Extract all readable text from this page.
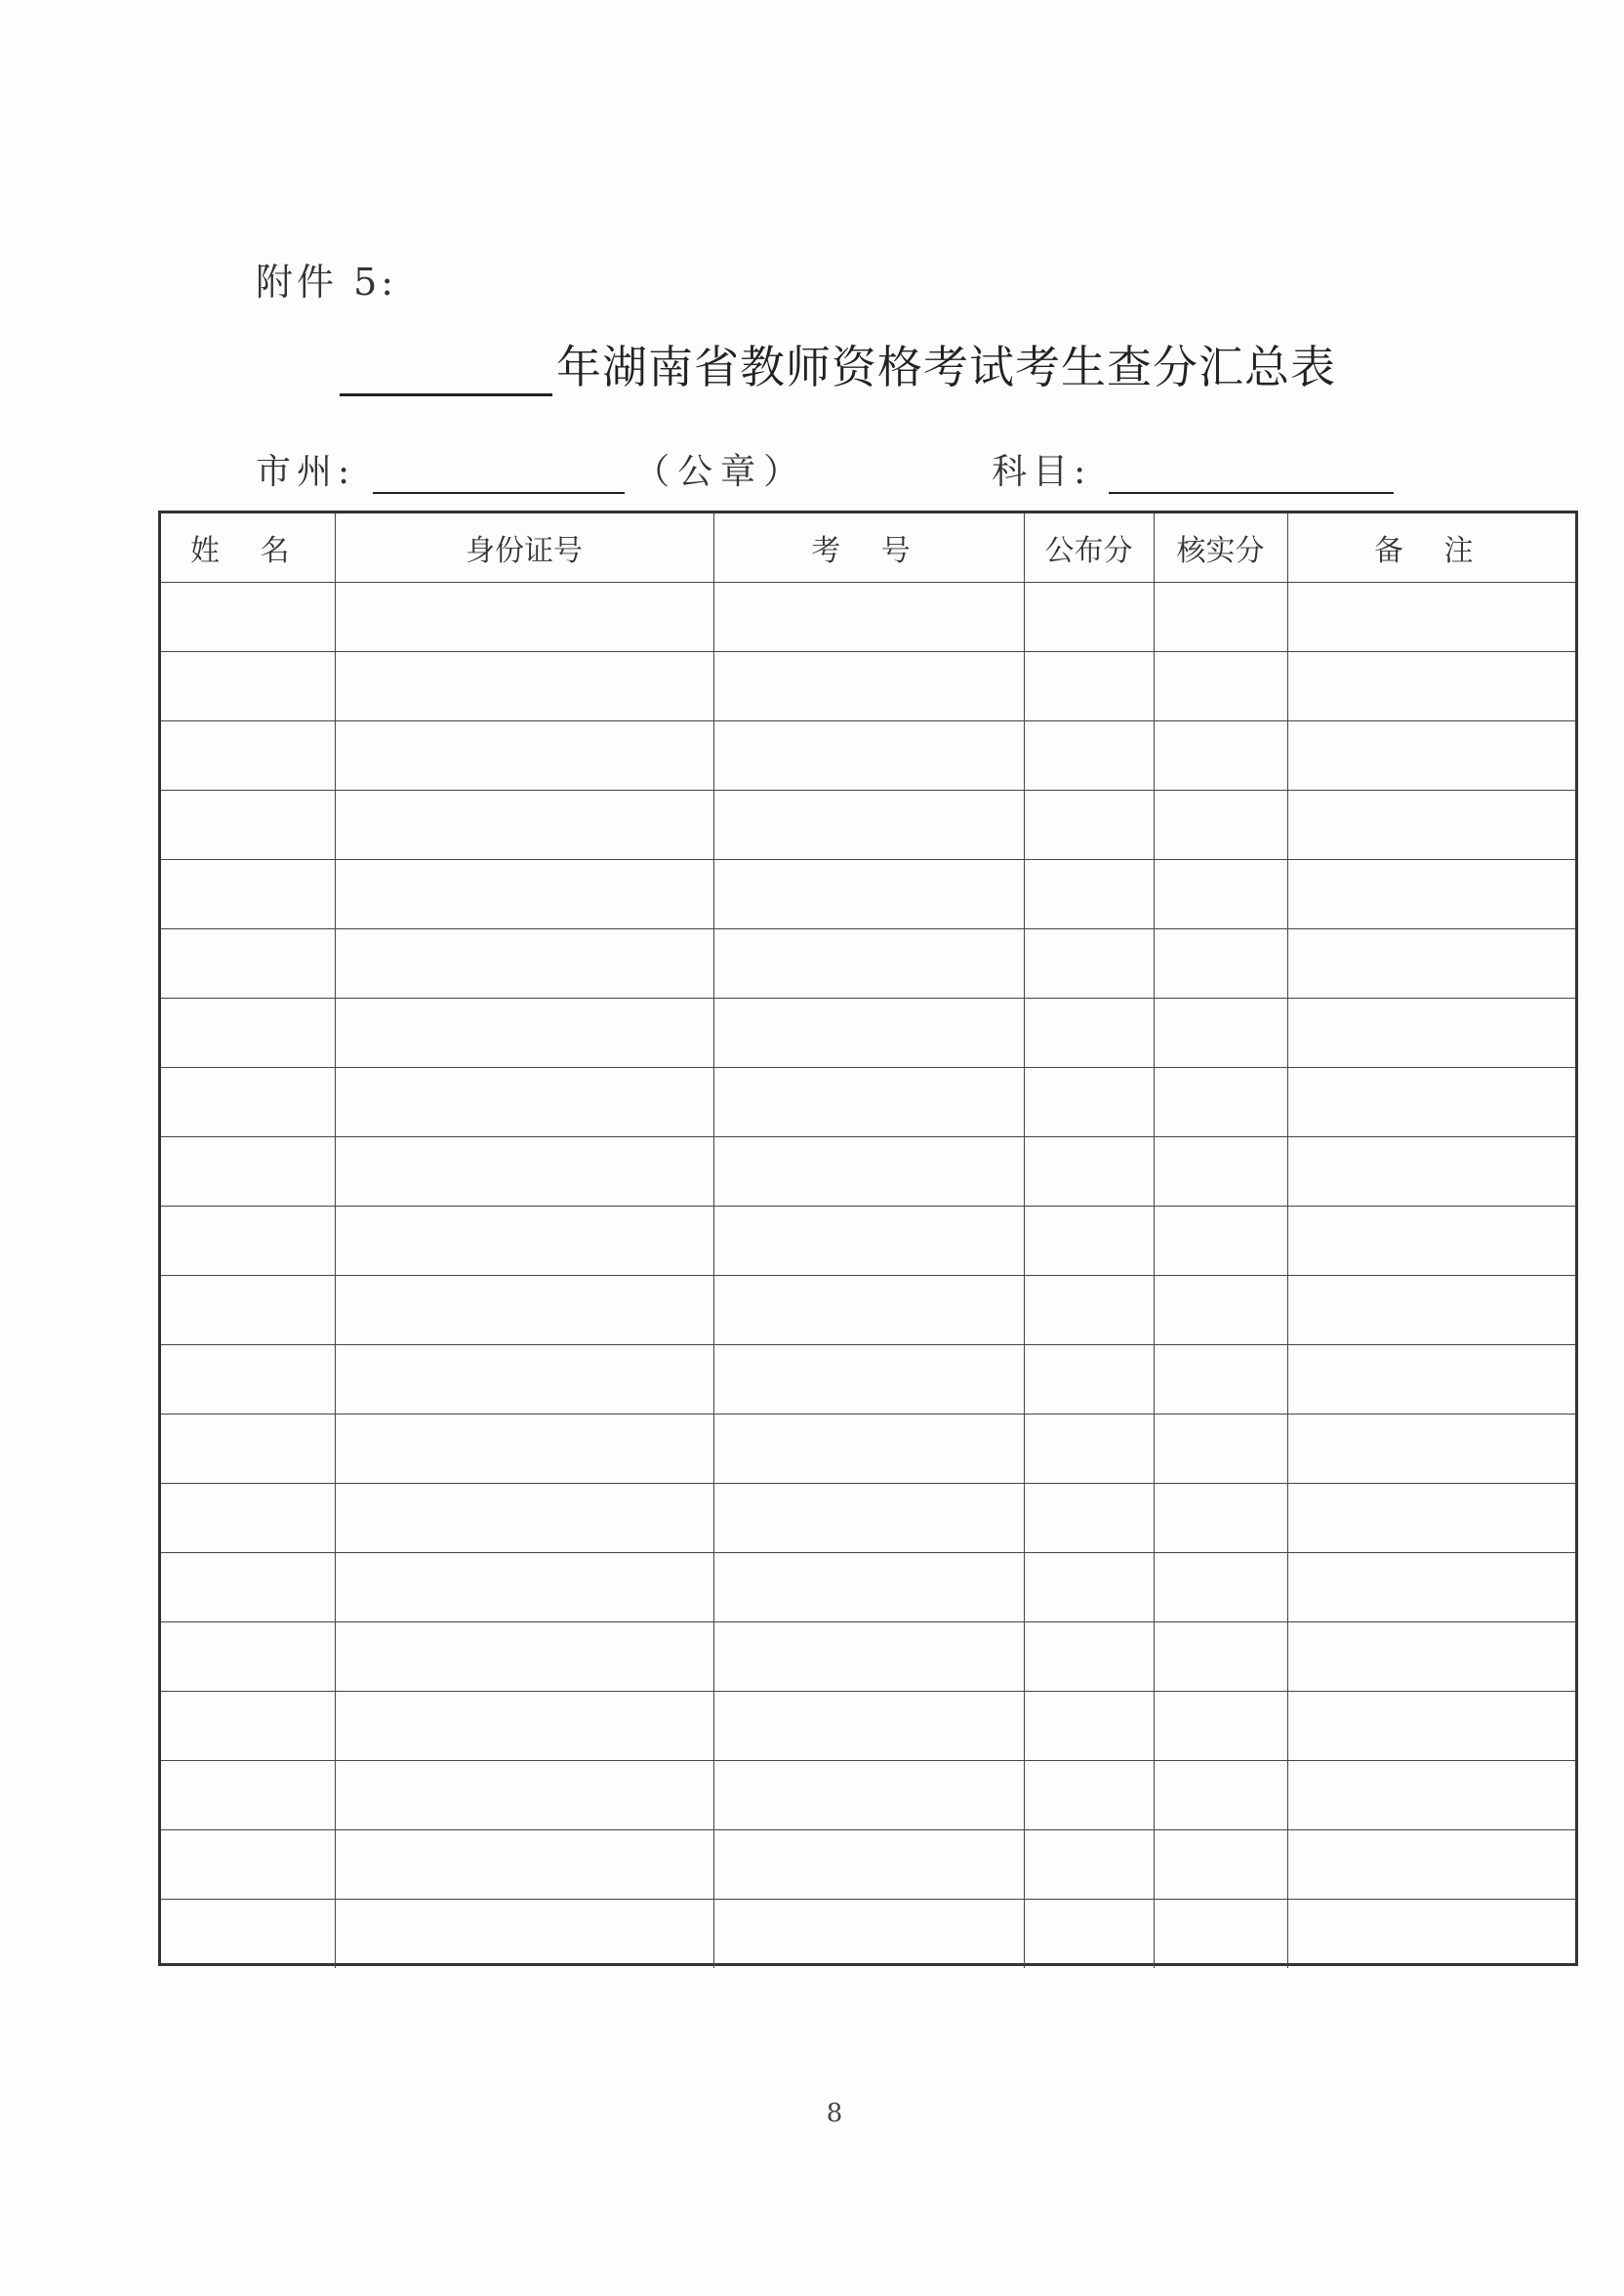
附件 5:
年湖南省教师资格考试考生查分汇总表
市州:	（公章）	科目:
姓 名	身份证号	考 号	公布分	核实分	备 注

8
